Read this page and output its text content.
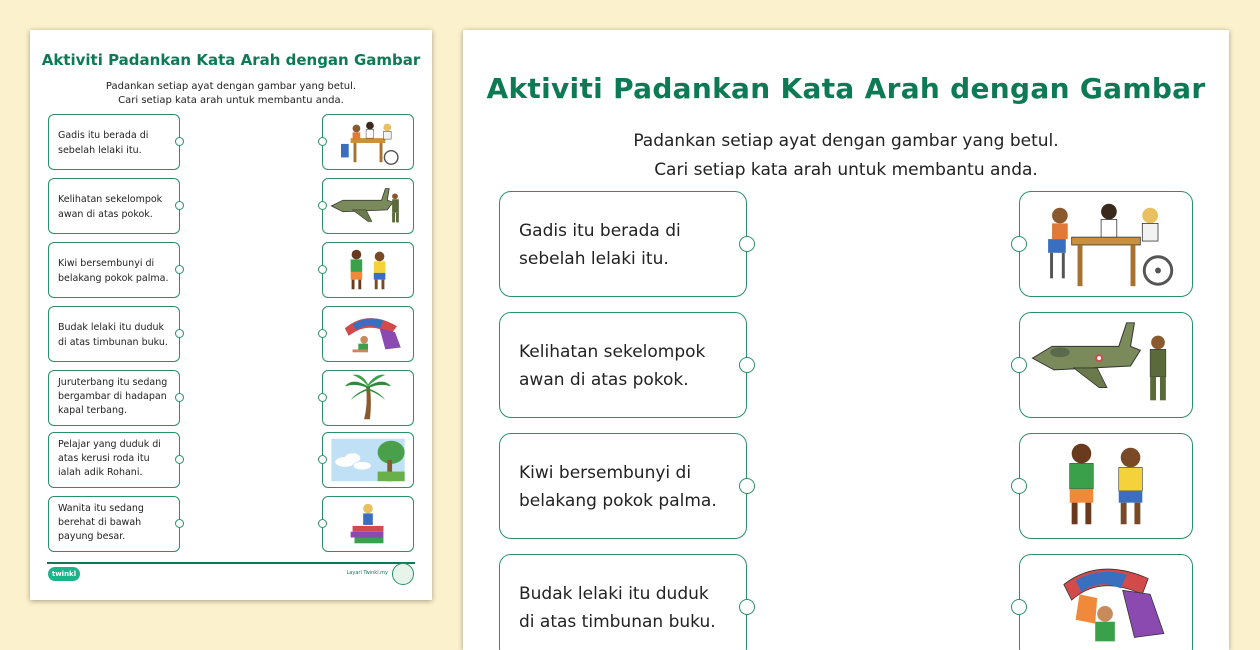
Aktiviti Padankan Kata Arah dengan Gambar

Padankan setiap ayat dengan gambar yang betul.

Cari setiap kata arah untuk membantu anda.

Gadis itu berada di
sebelah lelaki itu.
Kelihatan sekelompok
awan di atas pokok.
Kiwi bersembunyi di
belakang pokok palma.
Budak lelaki itu duduk
di atas timbunan buku.
Juruterbang itu sedang
bergambar di hadapan
kapal terbang.
Pelajar yang duduk di
atas kerusi roda itu
ialah adik Rohani.
Wanita itu sedang
berehat di bawah
payung besar.
twinkl	Layari Twinkl.my
Aktiviti Padankan Kata Arah dengan Gambar

Padankan setiap ayat dengan gambar yang betul.

Cari setiap kata arah untuk membantu anda.

Gadis itu berada di
sebelah lelaki itu.
Kelihatan sekelompok
awan di atas pokok.
Kiwi bersembunyi di
belakang pokok palma.
Budak lelaki itu duduk
di atas timbunan buku.
